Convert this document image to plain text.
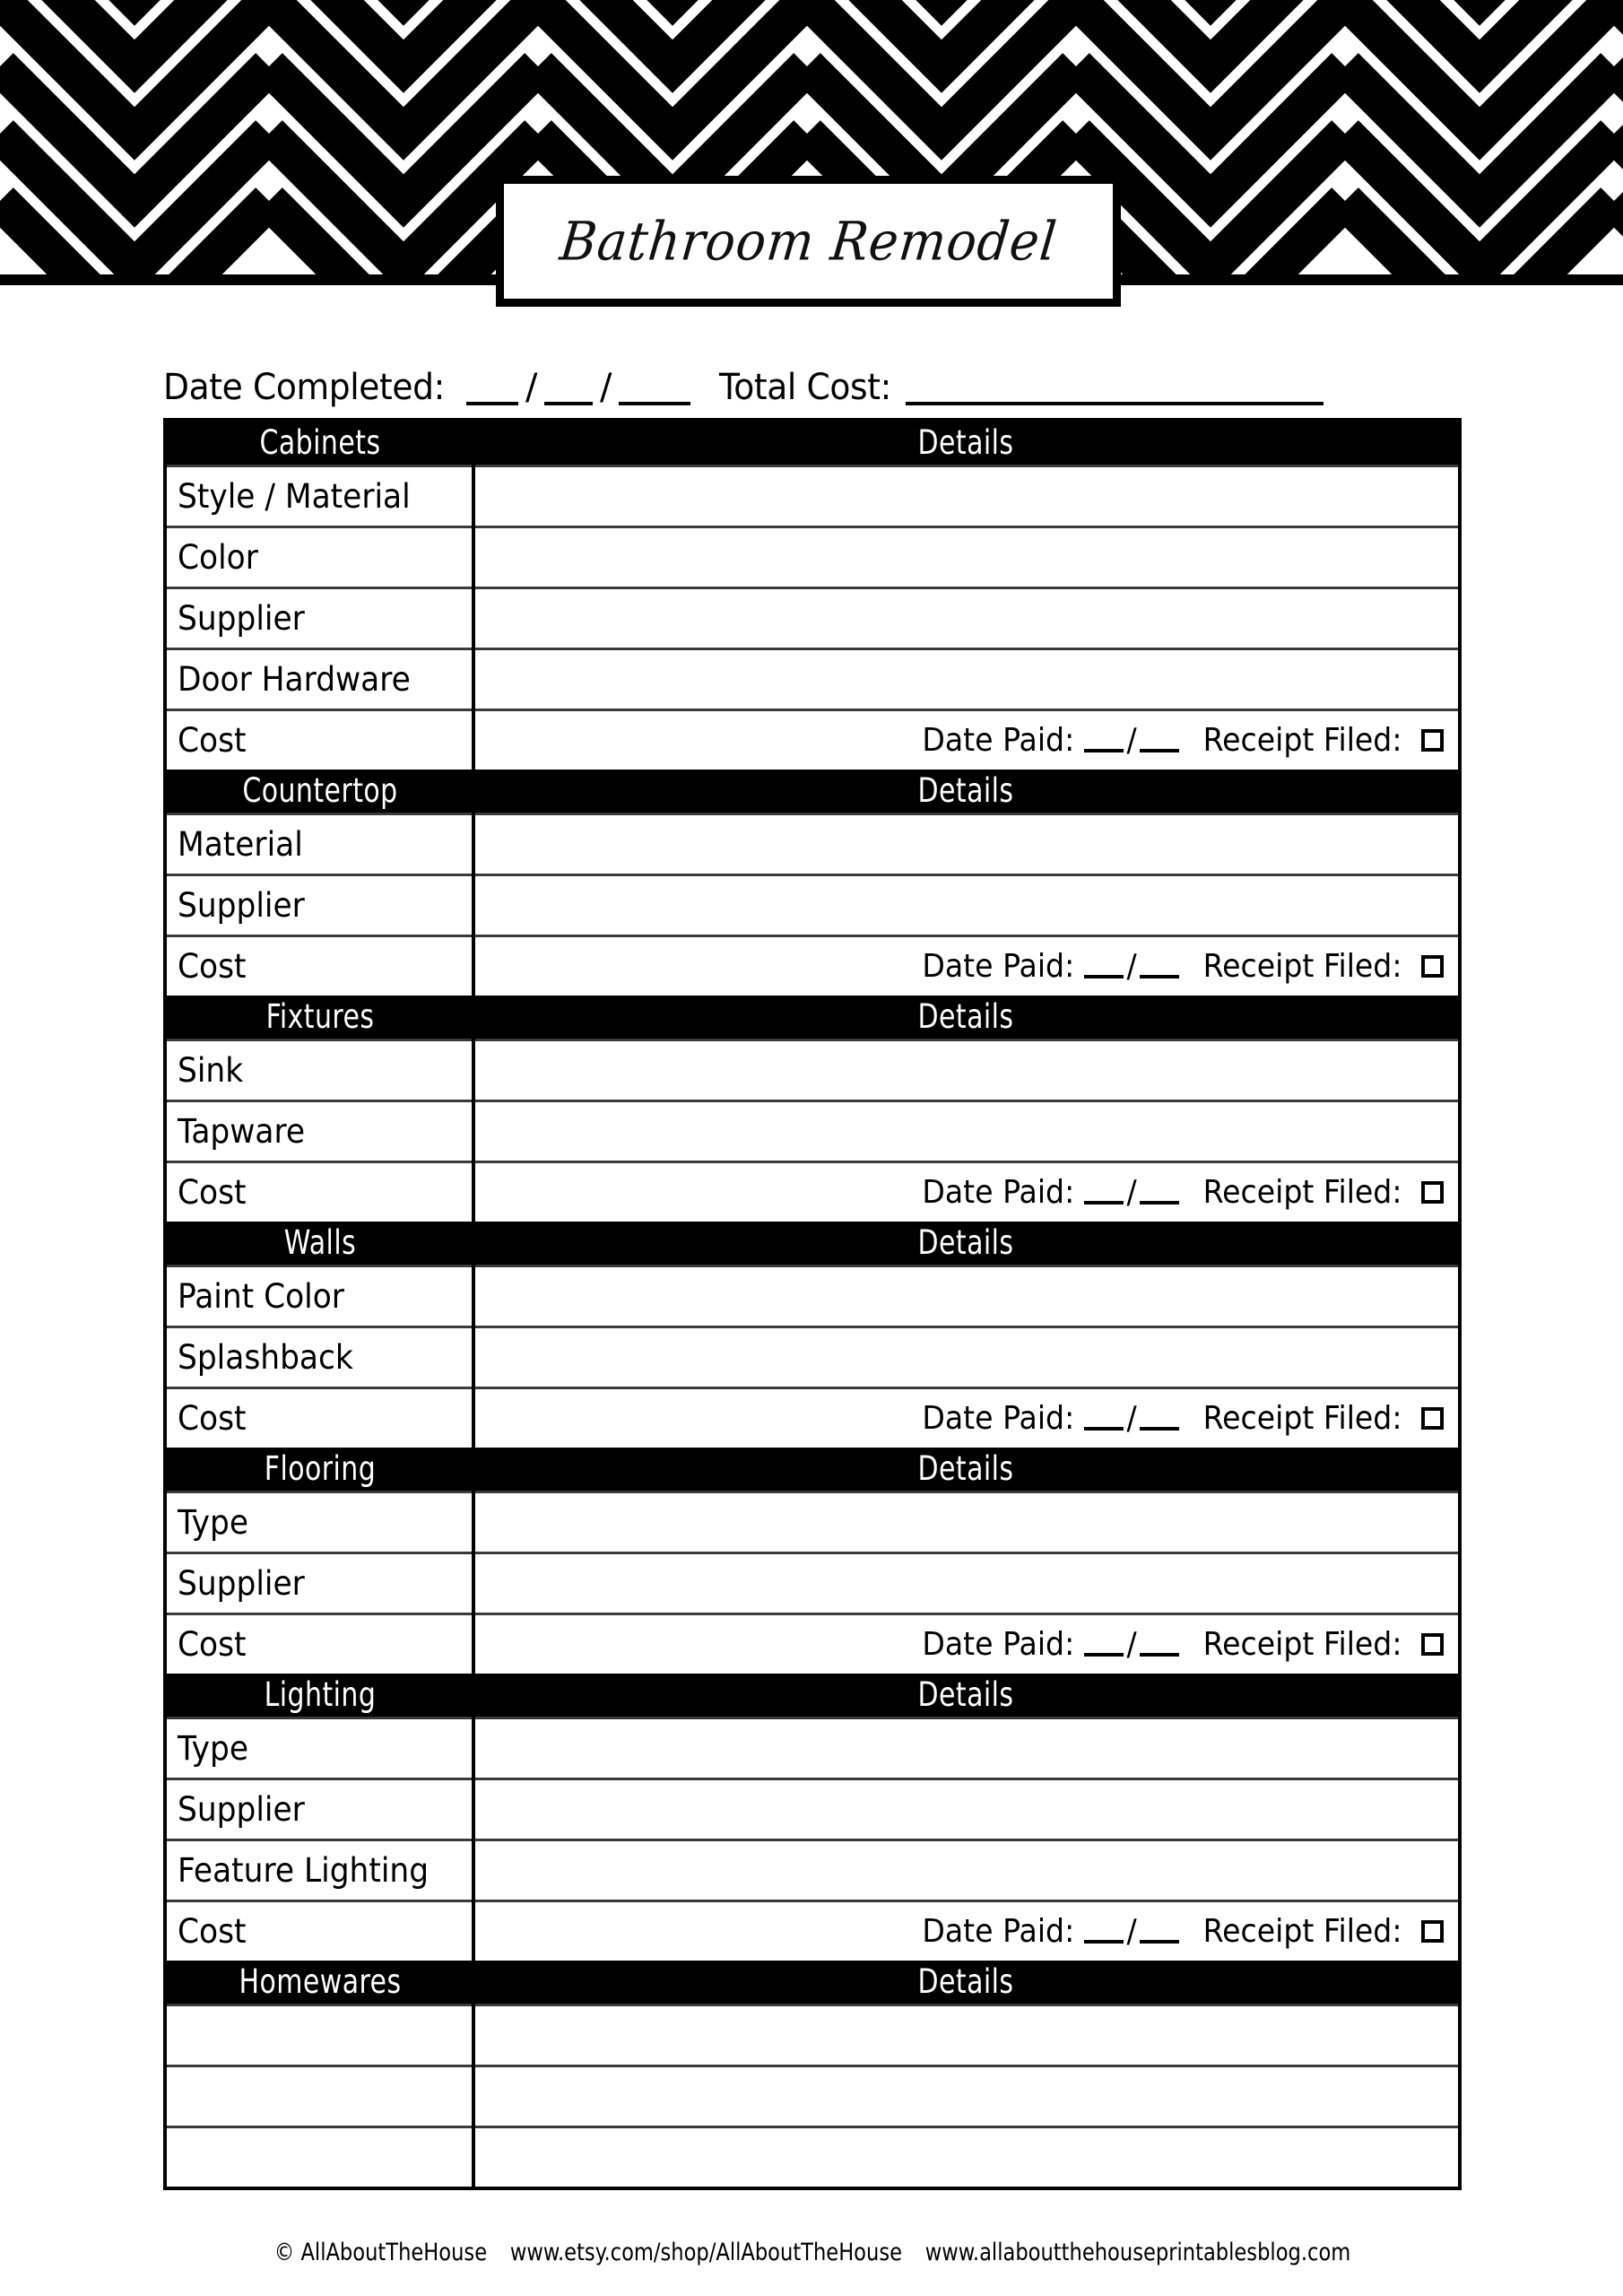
Bathroom Remodel
Date Completed: / /	Total Cost:
Cabinets	Details

Style / Material	

Color	

Supplier	

Door Hardware	

Cost	Date Paid: / Receipt Filed:

Countertop	Details

Material	

Supplier	

Cost	Date Paid: / Receipt Filed:

Fixtures	Details

Sink	

Tapware	

Cost	Date Paid: / Receipt Filed:

Walls	Details

Paint Color	

Splashback	

Cost	Date Paid: / Receipt Filed:

Flooring	Details

Type	

Supplier	

Cost	Date Paid: / Receipt Filed:

Lighting	Details

Type	

Supplier	

Feature Lighting	

Cost	Date Paid: / Receipt Filed:

Homewares	Details

© AllAboutTheHouse www.etsy.com/shop/AllAboutTheHouse www.allaboutthehouseprintablesblog.com
